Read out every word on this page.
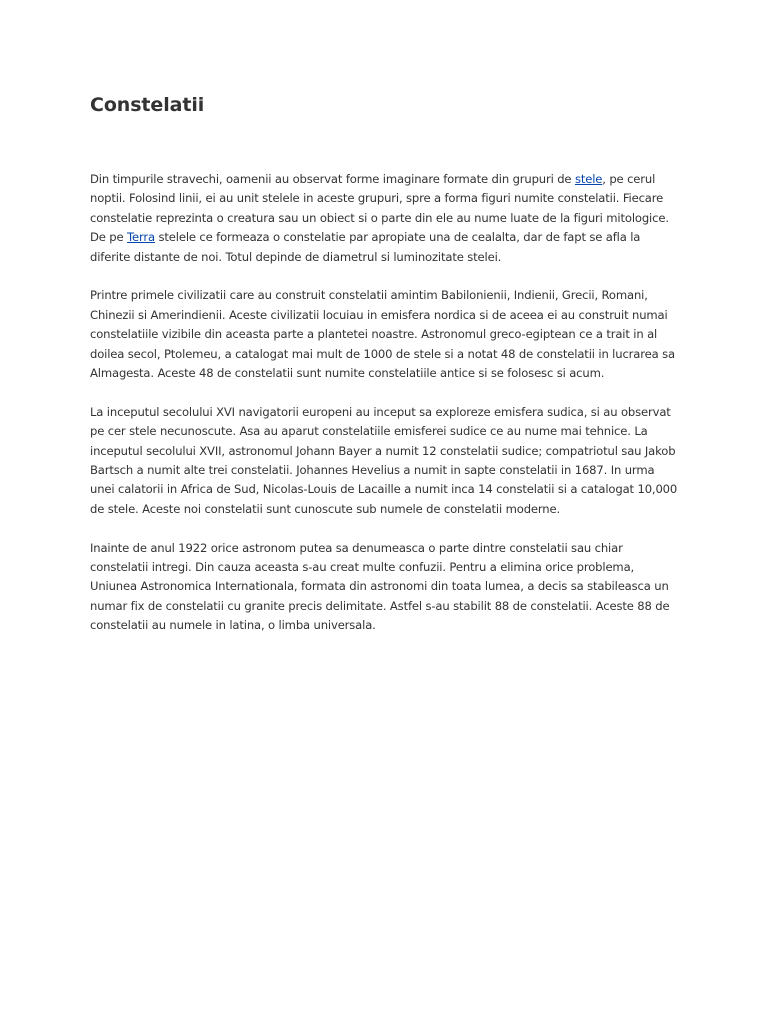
Constelatii

Din timpurile stravechi, oamenii au observat forme imaginare formate din grupuri de stele, pe cerul noptii. Folosind linii, ei au unit stelele in aceste grupuri, spre a forma figuri numite constelatii. Fiecare constelatie reprezinta o creatura sau un obiect si o parte din ele au nume luate de la figuri mitologice. De pe Terra stelele ce formeaza o constelatie par apropiate una de cealalta, dar de fapt se afla la diferite distante de noi. Totul depinde de diametrul si luminozitate stelei.

Printre primele civilizatii care au construit constelatii amintim Babilonienii, Indienii, Grecii, Romani, Chinezii si Amerindienii. Aceste civilizatii locuiau in emisfera nordica si de aceea ei au construit numai constelatiile vizibile din aceasta parte a plantetei noastre. Astronomul greco-egiptean ce a trait in al doilea secol, Ptolemeu, a catalogat mai mult de 1000 de stele si a notat 48 de constelatii in lucrarea sa Almagesta. Aceste 48 de constelatii sunt numite constelatiile antice si se folosesc si acum.

La inceputul secolului XVI navigatorii europeni au inceput sa exploreze emisfera sudica, si au observat pe cer stele necunoscute. Asa au aparut constelatiile emisferei sudice ce au nume mai tehnice. La inceputul secolului XVII, astronomul Johann Bayer a numit 12 constelatii sudice; compatriotul sau Jakob Bartsch a numit alte trei constelatii. Johannes Hevelius a numit in sapte constelatii in 1687. In urma unei calatorii in Africa de Sud, Nicolas-Louis de Lacaille a numit inca 14 constelatii si a catalogat 10,000 de stele. Aceste noi constelatii sunt cunoscute sub numele de constelatii moderne.

Inainte de anul 1922 orice astronom putea sa denumeasca o parte dintre constelatii sau chiar constelatii intregi. Din cauza aceasta s-au creat multe confuzii. Pentru a elimina orice problema, Uniunea Astronomica Internationala, formata din astronomi din toata lumea, a decis sa stabileasca un numar fix de constelatii cu granite precis delimitate. Astfel s-au stabilit 88 de constelatii. Aceste 88 de constelatii au numele in latina, o limba universala.
